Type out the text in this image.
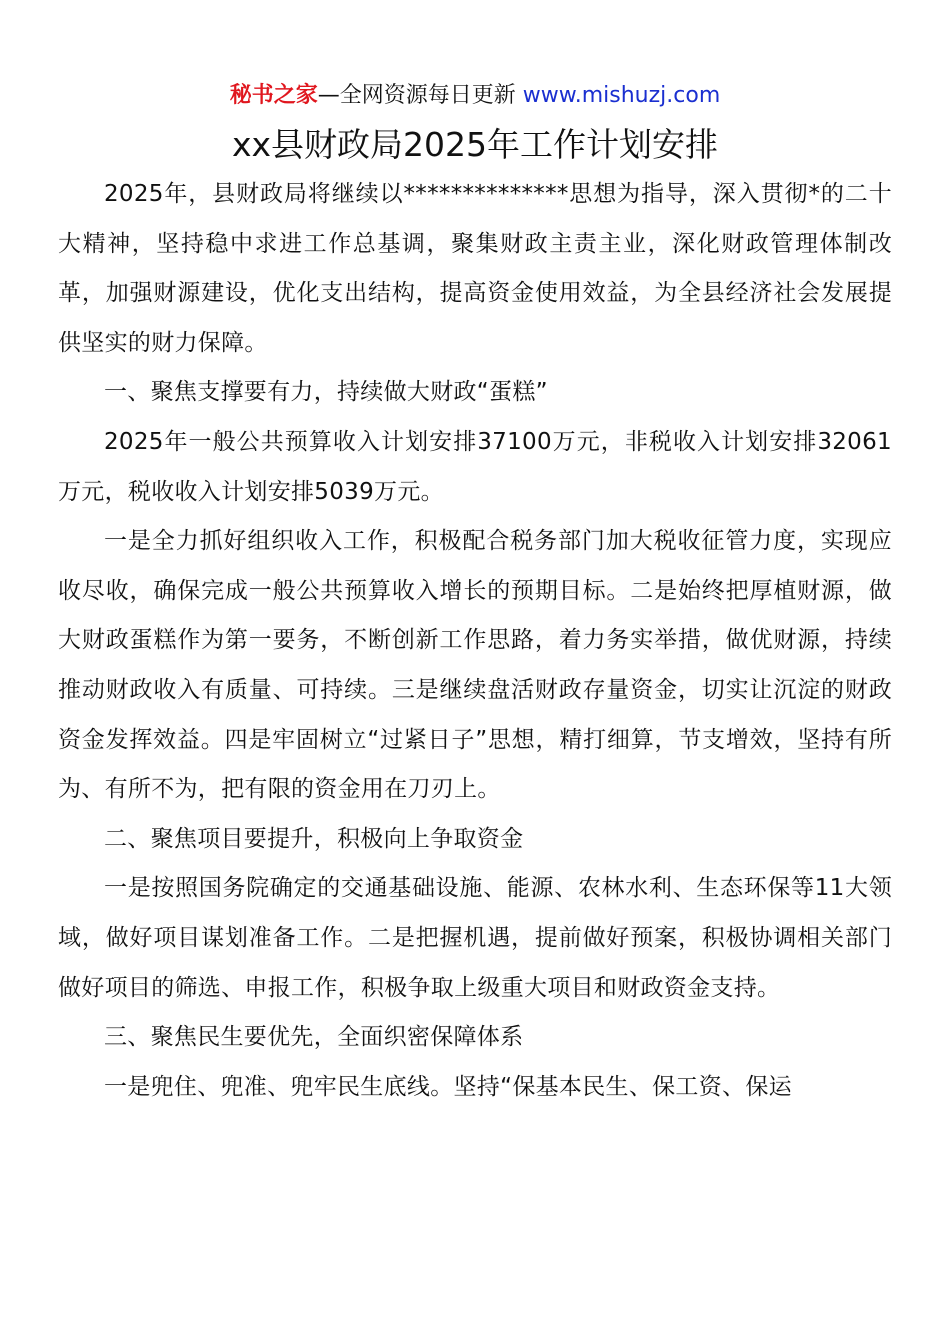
秘书之家—全网资源每日更新 www.mishuzj.com
xx县财政局2025年工作计划安排

2025年，县财政局将继续以**************思想为指导，深入贯彻*的二十大精神，坚持稳中求进工作总基调，聚集财政主责主业，深化财政管理体制改革，加强财源建设，优化支出结构，提高资金使用效益，为全县经济社会发展提供坚实的财力保障。

一、聚焦支撑要有力，持续做大财政“蛋糕”

2025年一般公共预算收入计划安排37100万元，非税收入计划安排32061万元，税收收入计划安排5039万元。

一是全力抓好组织收入工作，积极配合税务部门加大税收征管力度，实现应收尽收，确保完成一般公共预算收入增长的预期目标。二是始终把厚植财源，做大财政蛋糕作为第一要务，不断创新工作思路，着力务实举措，做优财源，持续推动财政收入有质量、可持续。三是继续盘活财政存量资金，切实让沉淀的财政资金发挥效益。四是牢固树立“过紧日子”思想，精打细算，节支增效，坚持有所为、有所不为，把有限的资金用在刀刃上。

二、聚焦项目要提升，积极向上争取资金

一是按照国务院确定的交通基础设施、能源、农林水利、生态环保等11大领域，做好项目谋划准备工作。二是把握机遇，提前做好预案，积极协调相关部门做好项目的筛选、申报工作，积极争取上级重大项目和财政资金支持。

三、聚焦民生要优先，全面织密保障体系

一是兜住、兜准、兜牢民生底线。坚持“保基本民生、保工资、保运
